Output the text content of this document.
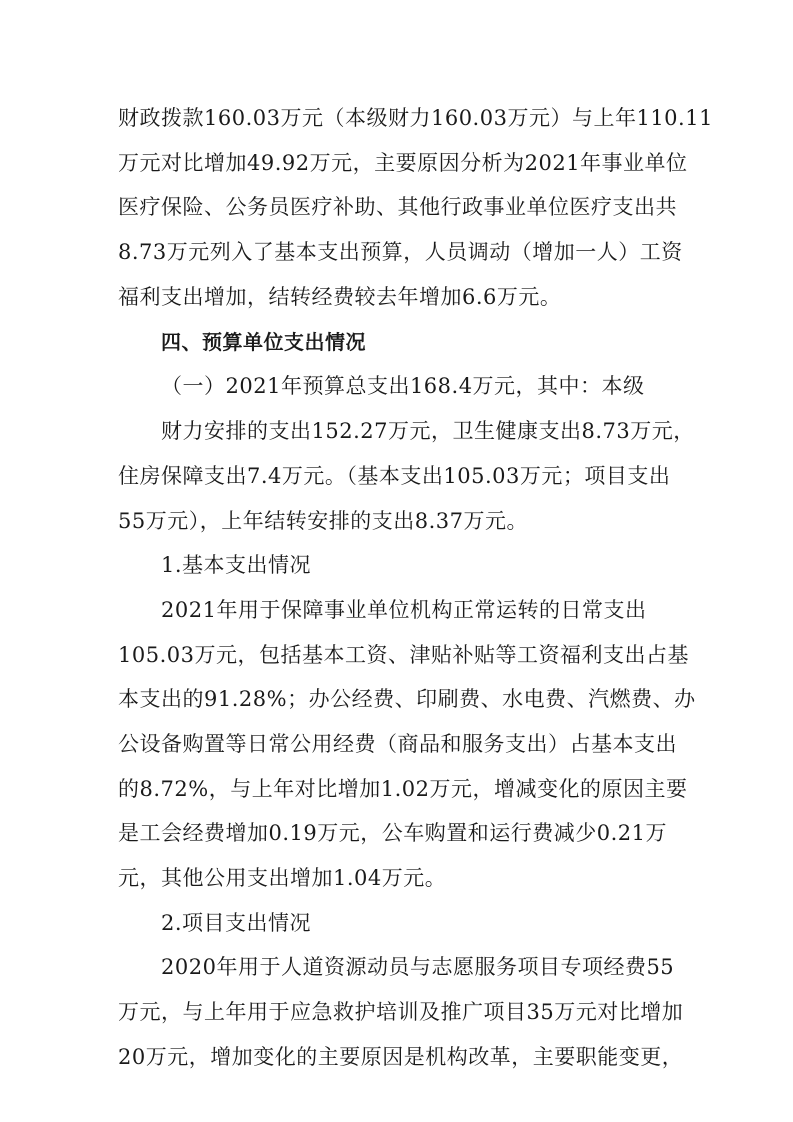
财政拨款160.03万元（本级财力160.03万元）与上年110.11
万元对比增加49.92万元，主要原因分析为2021年事业单位
医疗保险、公务员医疗补助、其他行政事业单位医疗支出共
8.73万元列入了基本支出预算，人员调动（增加一人）工资
福利支出增加，结转经费较去年增加6.6万元。
四、预算单位支出情况
（一）2021年预算总支出168.4万元，其中：本级
财力安排的支出152.27万元，卫生健康支出8.73万元，
住房保障支出7.4万元。（基本支出105.03万元；项目支出
55万元），上年结转安排的支出8.37万元。
1.基本支出情况
2021年用于保障事业单位机构正常运转的日常支出
105.03万元，包括基本工资、津贴补贴等工资福利支出占基
本支出的91.28%；办公经费、印刷费、水电费、汽燃费、办
公设备购置等日常公用经费（商品和服务支出）占基本支出
的8.72%，与上年对比增加1.02万元，增减变化的原因主要
是工会经费增加0.19万元，公车购置和运行费减少0.21万
元，其他公用支出增加1.04万元。
2.项目支出情况
2020年用于人道资源动员与志愿服务项目专项经费55
万元，与上年用于应急救护培训及推广项目35万元对比增加
20万元，增加变化的主要原因是机构改革，主要职能变更，
